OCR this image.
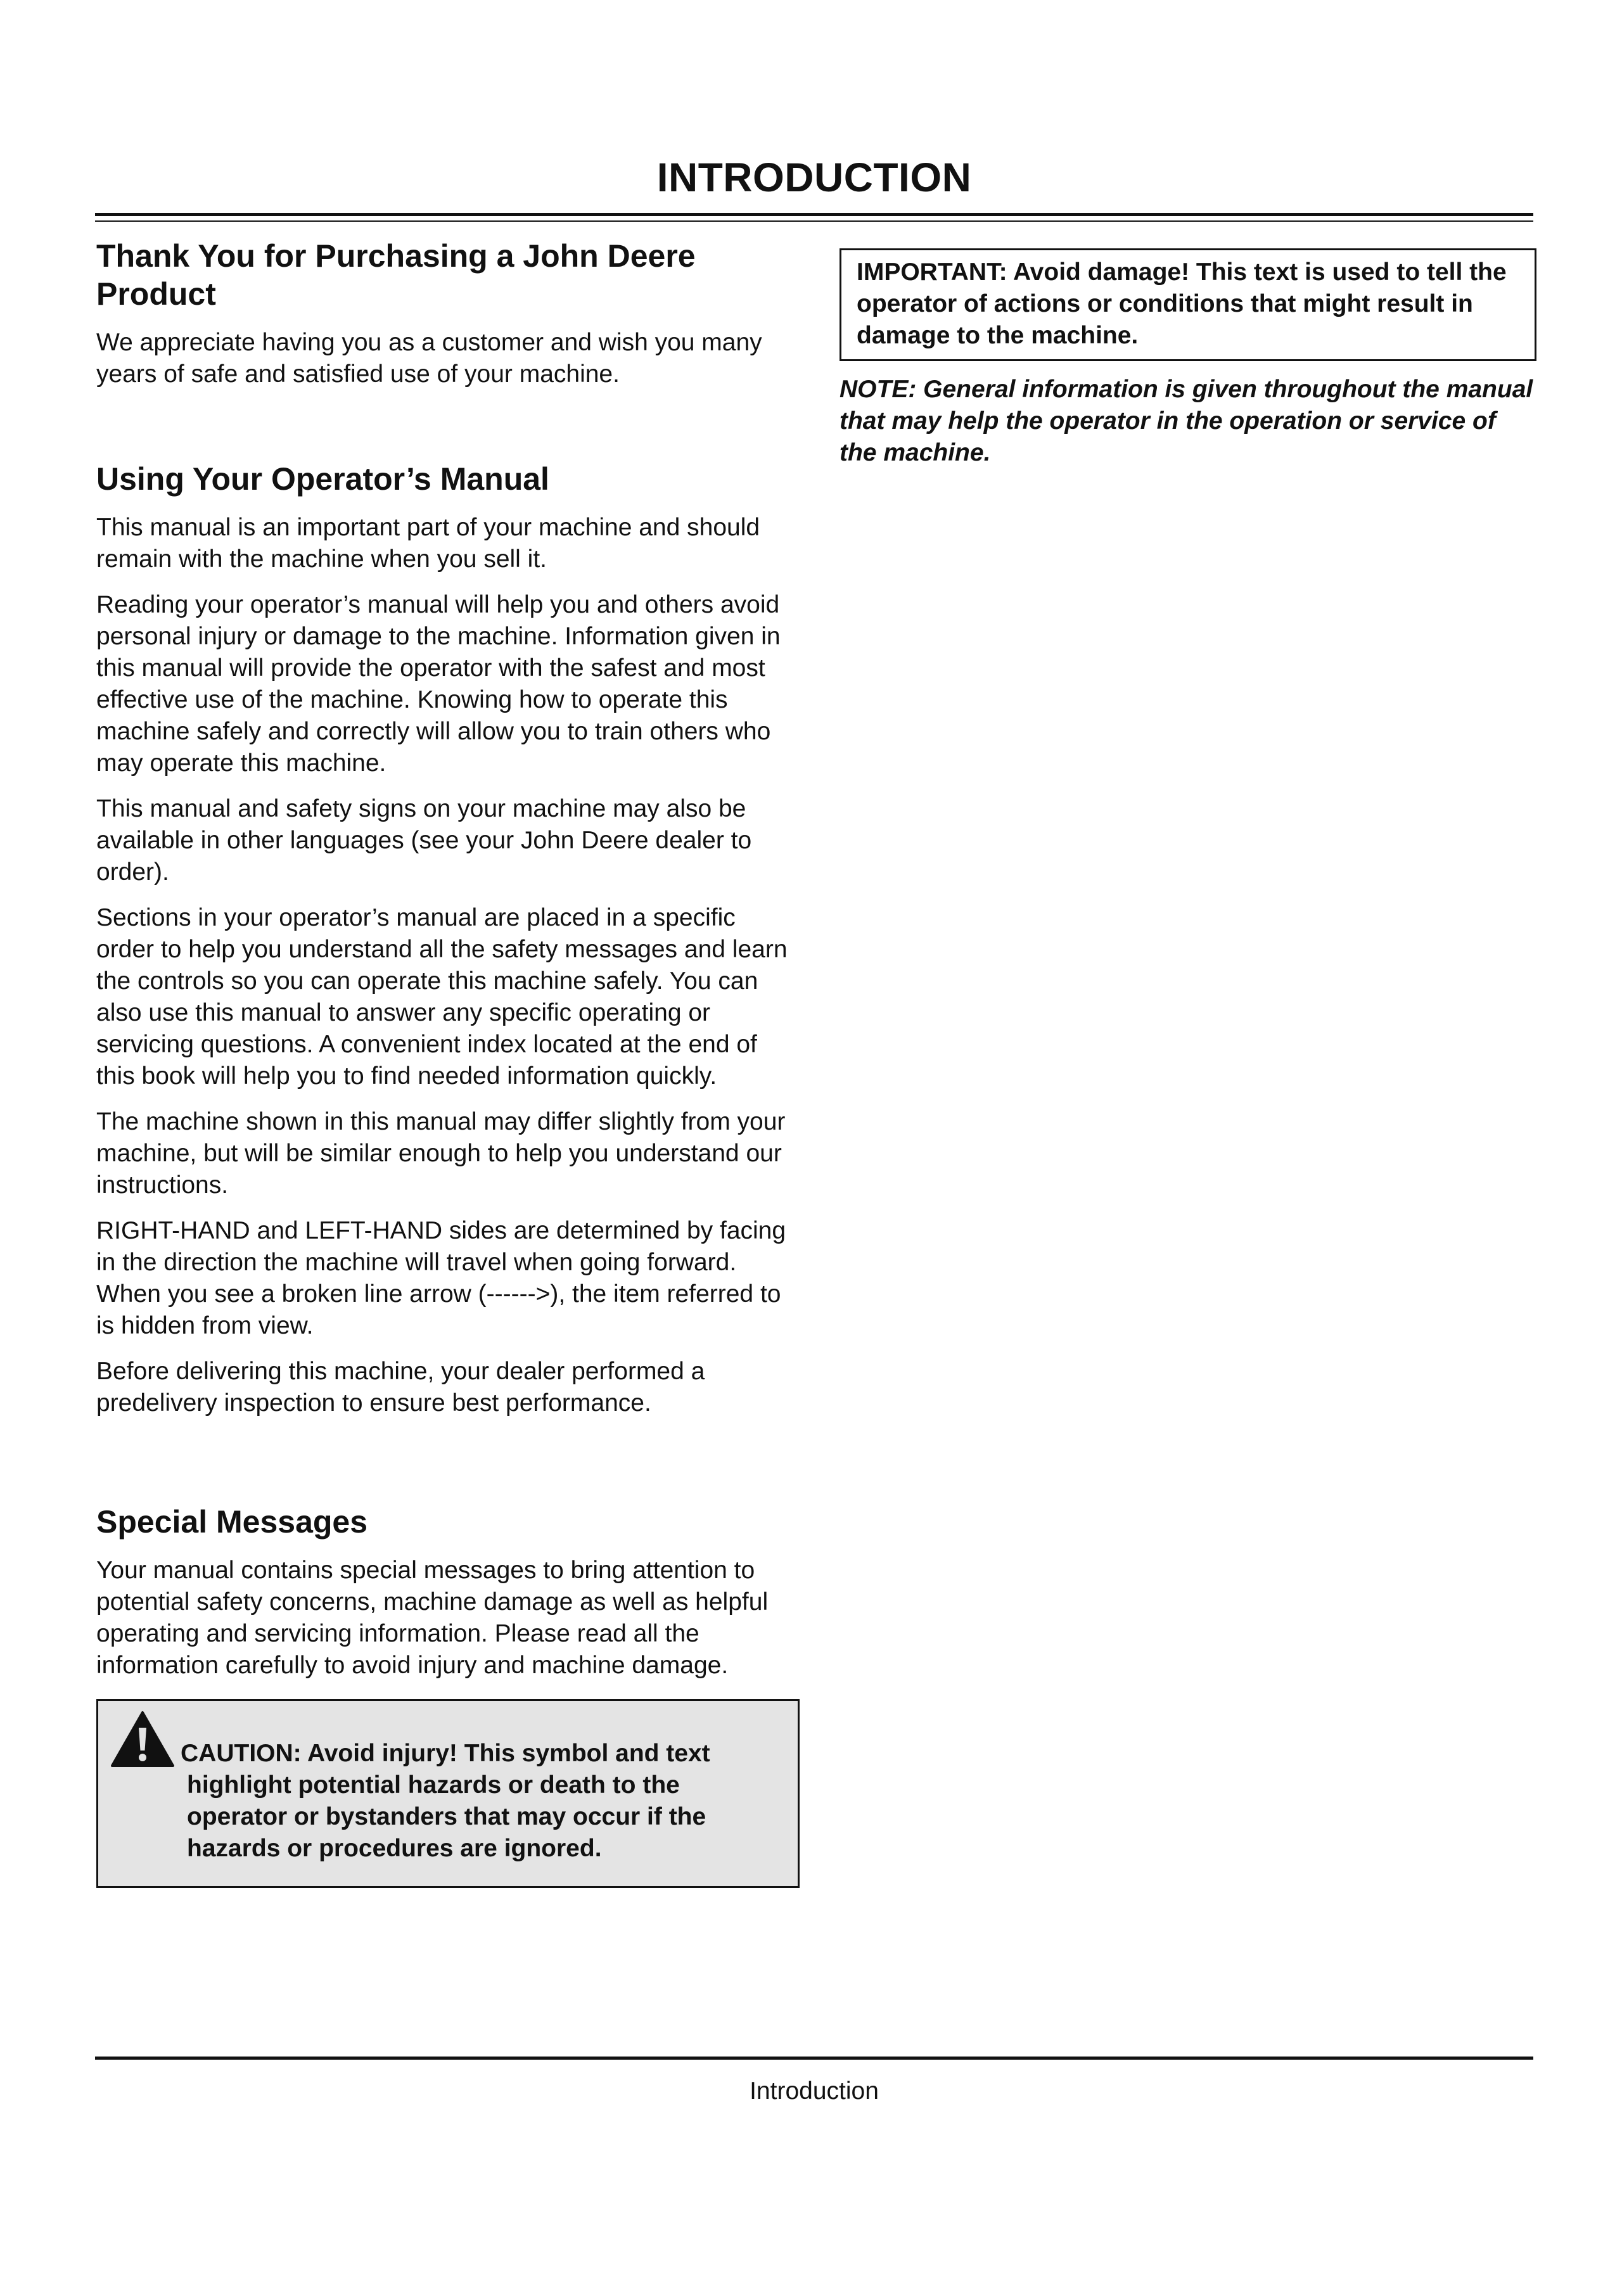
INTRODUCTION
Thank You for Purchasing a John Deere Product

We appreciate having you as a customer and wish you many years of safe and satisfied use of your machine.

Using Your Operator’s Manual

This manual is an important part of your machine and should remain with the machine when you sell it.

Reading your operator’s manual will help you and others avoid personal injury or damage to the machine. Information given in this manual will provide the operator with the safest and most effective use of the machine. Knowing how to operate this machine safely and correctly will allow you to train others who may operate this machine.

This manual and safety signs on your machine may also be available in other languages (see your John Deere dealer to order).

Sections in your operator’s manual are placed in a specific order to help you understand all the safety messages and learn the controls so you can operate this machine safely. You can also use this manual to answer any specific operating or servicing questions. A convenient index located at the end of this book will help you to find needed information quickly.

The machine shown in this manual may differ slightly from your machine, but will be similar enough to help you understand our instructions.

RIGHT-HAND and LEFT-HAND sides are determined by facing in the direction the machine will travel when going forward. When you see a broken line arrow (------>), the item referred to is hidden from view.

Before delivering this machine, your dealer performed a predelivery inspection to ensure best performance.

Special Messages

Your manual contains special messages to bring attention to potential safety concerns, machine damage as well as helpful operating and servicing information. Please read all the information carefully to avoid injury and machine damage.

CAUTION: Avoid injury! This symbol and text
highlight potential hazards or death to the operator or bystanders that may occur if the hazards or procedures are ignored.
IMPORTANT: Avoid damage! This text is used to tell the operator of actions or conditions that might result in damage to the machine.
NOTE: General information is given throughout the manual that may help the operator in the operation or service of the machine.
Introduction
